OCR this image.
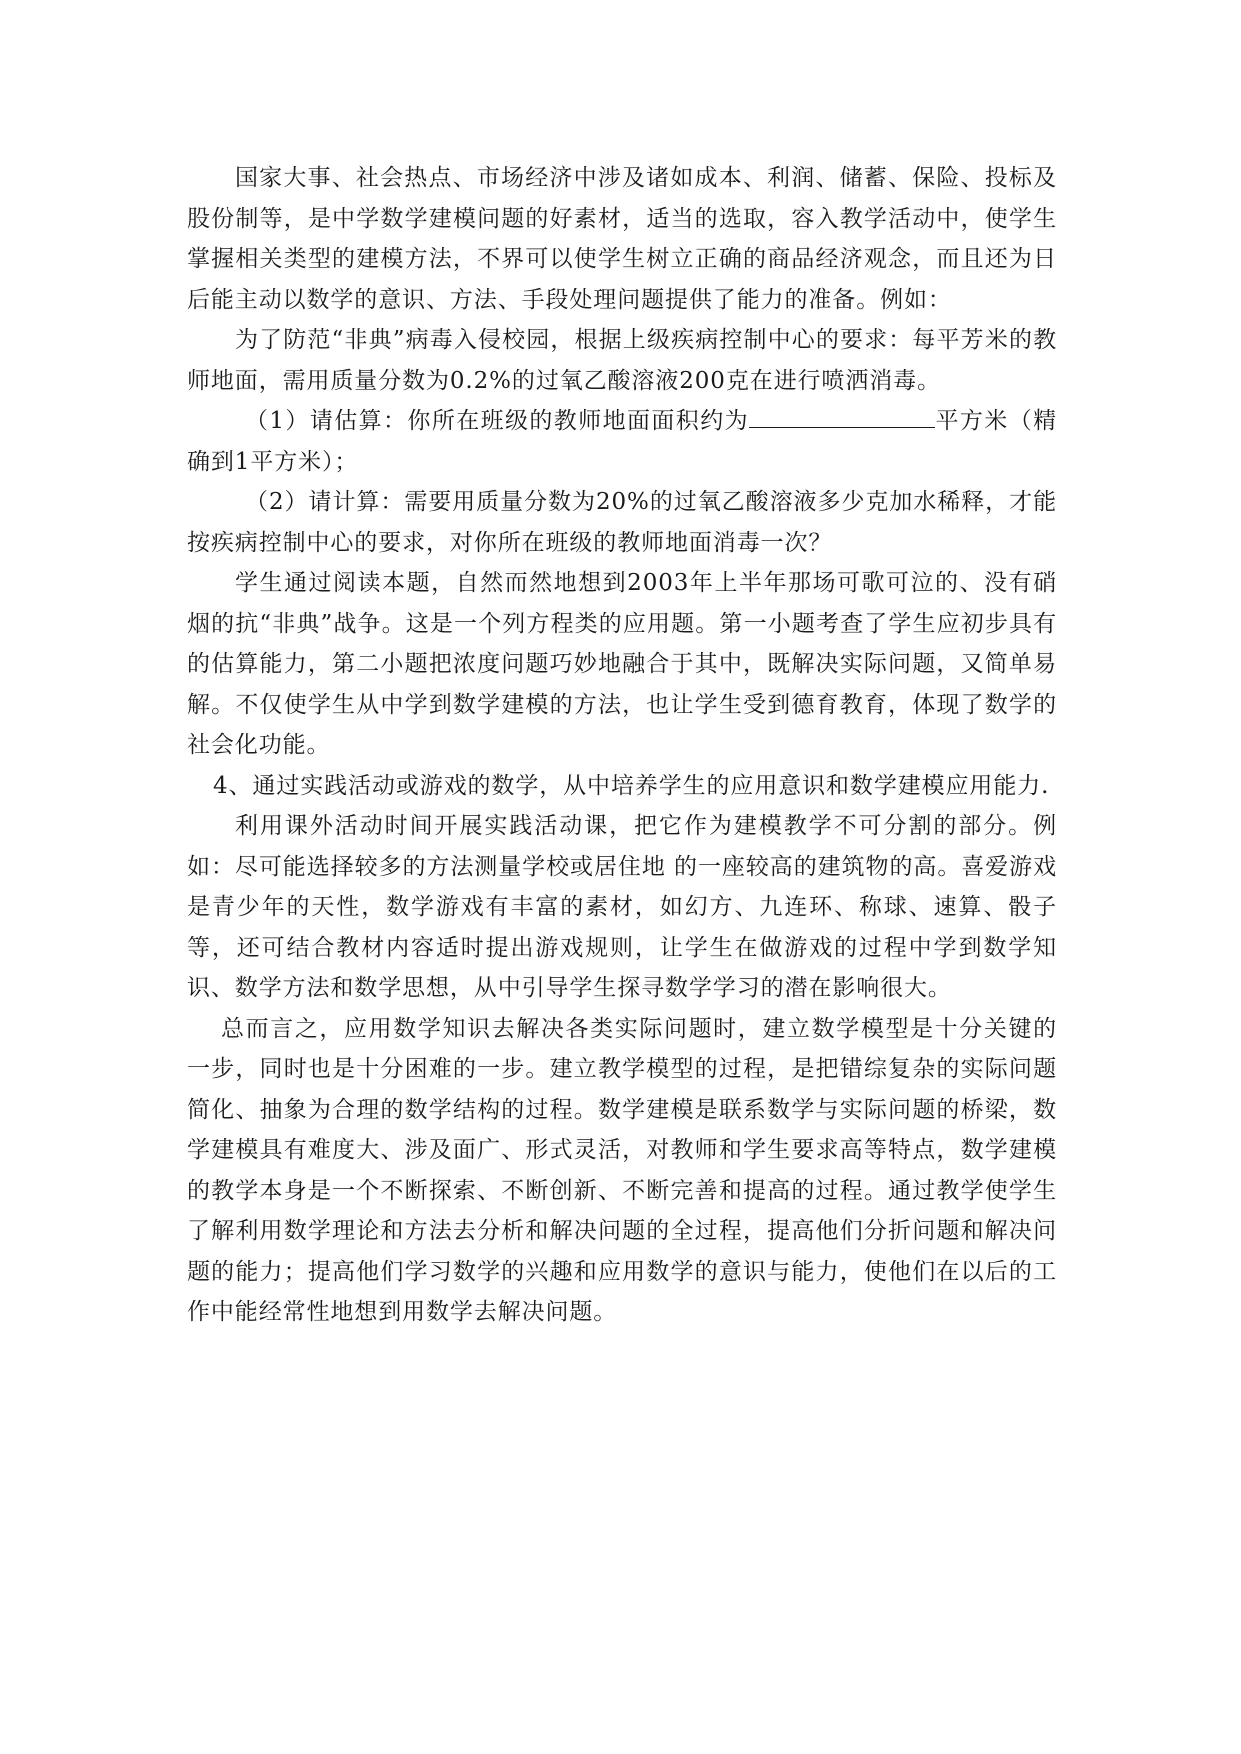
国家大事、社会热点、市场经济中涉及诸如成本、利润、储蓄、保险、投标及股份制等，是中学数学建模问题的好素材，适当的选取，容入教学活动中，使学生掌握相关类型的建模方法，不界可以使学生树立正确的商品经济观念，而且还为日后能主动以数学的意识、方法、手段处理问题提供了能力的准备。例如：

为了防范“非典”病毒入侵校园，根据上级疾病控制中心的要求：每平芳米的教师地面，需用质量分数为0.2%的过氧乙酸溶液200克在进行喷洒消毒。

（1）请估算：你所在班级的教师地面面积约为	平方米（精确到1平方米）；

（2）请计算：需要用质量分数为20%的过氧乙酸溶液多少克加水稀释，才能按疾病控制中心的要求，对你所在班级的教师地面消毒一次？

学生通过阅读本题，自然而然地想到2003年上半年那场可歌可泣的、没有硝烟的抗“非典”战争。这是一个列方程类的应用题。第一小题考查了学生应初步具有的估算能力，第二小题把浓度问题巧妙地融合于其中，既解决实际问题，又简单易解。不仅使学生从中学到数学建模的方法，也让学生受到德育教育，体现了数学的社会化功能。

4、通过实践活动或游戏的数学，从中培养学生的应用意识和数学建模应用能力.

利用课外活动时间开展实践活动课，把它作为建模教学不可分割的部分。例如：尽可能选择较多的方法测量学校或居住地 的一座较高的建筑物的高。喜爱游戏是青少年的天性，数学游戏有丰富的素材，如幻方、九连环、称球、速算、骰子等，还可结合教材内容适时提出游戏规则，让学生在做游戏的过程中学到数学知识、数学方法和数学思想，从中引导学生探寻数学学习的潜在影响很大。

总而言之，应用数学知识去解决各类实际问题时，建立数学模型是十分关键的一步，同时也是十分困难的一步。建立教学模型的过程，是把错综复杂的实际问题简化、抽象为合理的数学结构的过程。数学建模是联系数学与实际问题的桥梁，数学建模具有难度大、涉及面广、形式灵活，对教师和学生要求高等特点，数学建模的教学本身是一个不断探索、不断创新、不断完善和提高的过程。通过教学使学生了解利用数学理论和方法去分析和解决问题的全过程，提高他们分折问题和解决问题的能力；提高他们学习数学的兴趣和应用数学的意识与能力，使他们在以后的工作中能经常性地想到用数学去解决问题。
